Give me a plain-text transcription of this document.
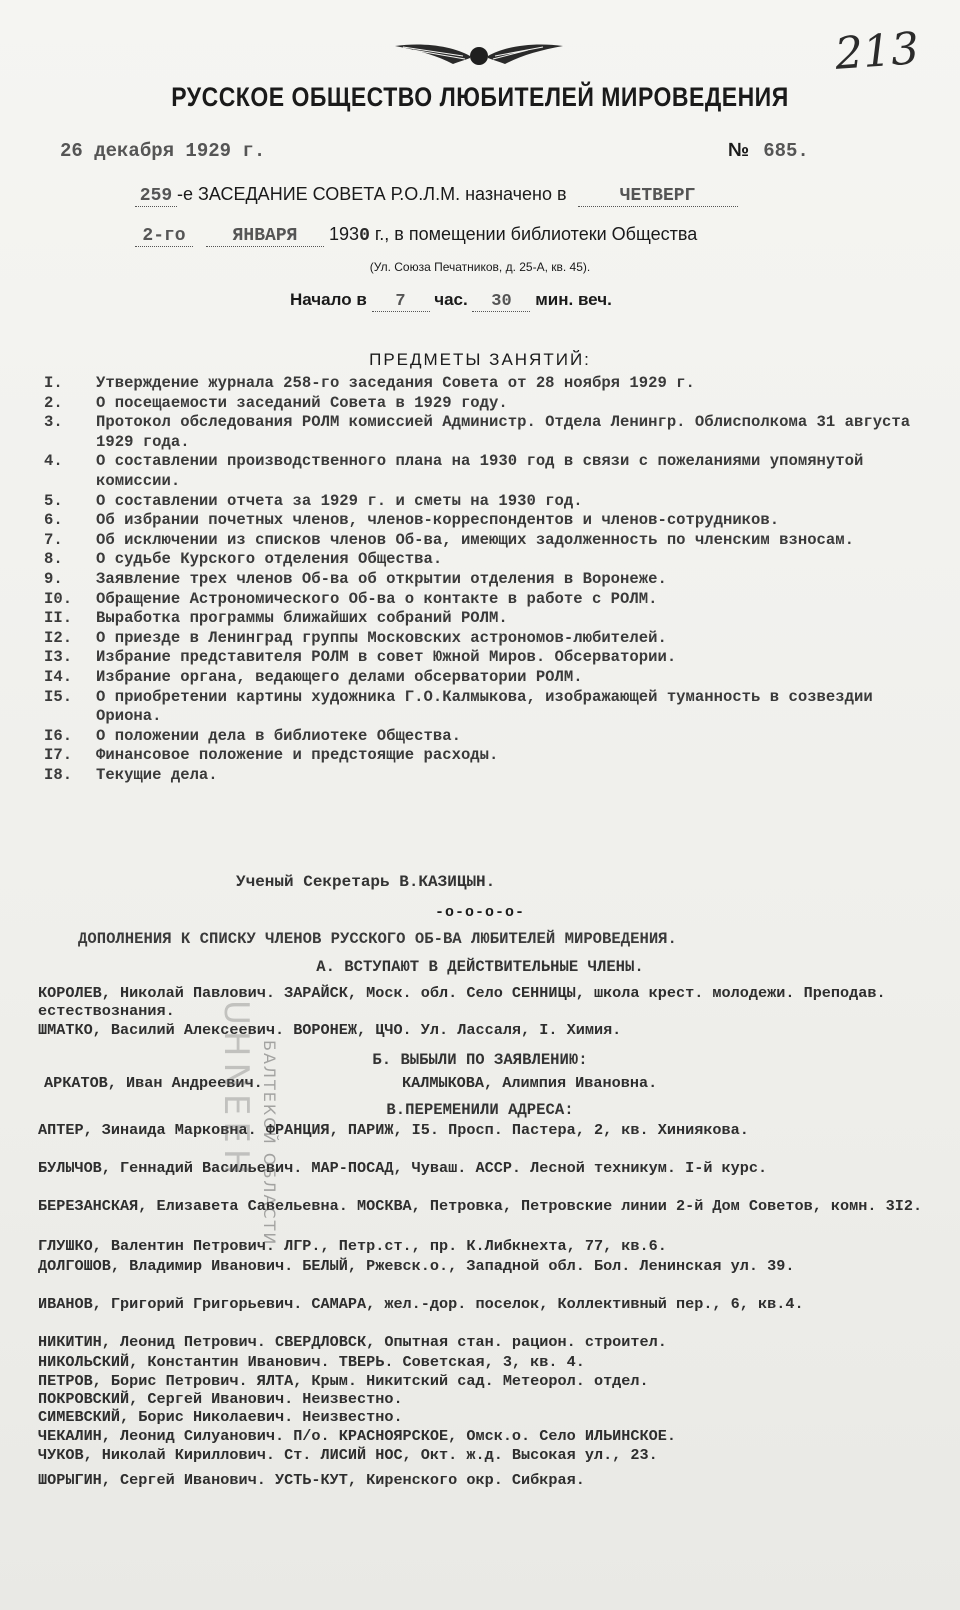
213
РУССКОЕ ОБЩЕСТВО ЛЮБИТЕЛЕЙ МИРОВЕДЕНИЯ
26 декабря 1929 г.	№ 685.
259 -е ЗАСЕДАНИЕ СОВЕТА Р.О.Л.М. назначено в	ЧЕТВЕРГ
2-го	ЯНВАРЯ 1930 г., в помещении библиотеки Общества
(Ул. Союза Печатников, д. 25-А, кв. 45).
Начало в 7 час. 30 мин. веч.
ПРЕДМЕТЫ ЗАНЯТИЙ:
I.	Утверждение журнала 258-го заседания Совета от 28 ноября 1929 г.
2.	О посещаемости заседаний Совета в 1929 году.
3.	Протокол обследования РОЛМ комиссией Администр. Отдела Ленингр. Облисполкома 31 августа 1929 года.
4.	О составлении производственного плана на 1930 год в связи с пожеланиями упомянутой комиссии.
5.	О составлении отчета за 1929 г. и сметы на 1930 год.
6.	Об избрании почетных членов, членов-корреспондентов и членов-сотрудников.
7.	Об исключении из списков членов Об-ва, имеющих задолженность по членским взносам.
8.	О судьбе Курского отделения Общества.
9.	Заявление трех членов Об-ва об открытии отделения в Воронеже.
I0.	Обращение Астрономического Об-ва о контакте в работе с РОЛМ.
II.	Выработка программы ближайших собраний РОЛМ.
I2.	О приезде в Ленинград группы Московских астрономов-любителей.
I3.	Избрание представителя РОЛМ в совет Южной Миров. Обсерватории.
I4.	Избрание органа, ведающего делами обсерватории РОЛМ.
I5.	О приобретении картины художника Г.О.Калмыкова, изображающей туманность в созвездии Ориона.
I6.	О положении дела в библиотеке Общества.
I7.	Финансовое положение и предстоящие расходы.
I8.	Текущие дела.
Ученый Секретарь В.КАЗИЦЫН.
-о-о-о-о-
ДОПОЛНЕНИЯ К СПИСКУ ЧЛЕНОВ РУССКОГО ОБ-ВА ЛЮБИТЕЛЕЙ МИРОВЕДЕНИЯ.
А. ВСТУПАЮТ В ДЕЙСТВИТЕЛЬНЫЕ ЧЛЕНЫ.
КОРОЛЕВ, Николай Павлович. ЗАРАЙСК, Моск. обл. Село СЕННИЦЫ, школа крест. молодежи. Преподав. естествознания.
ШМАТКО, Василий Алексеевич. ВОРОНЕЖ, ЦЧО. Ул. Лассаля, I. Химия.
Б. ВЫБЫЛИ ПО ЗАЯВЛЕНИЮ:
АРКАТОВ, Иван Андреевич.	КАЛМЫКОВА, Алимпия Ивановна.
В.ПЕРЕМЕНИЛИ АДРЕСА:
АПТЕР, Зинаида Марковна. ФРАНЦИЯ, ПАРИЖ, I5. Просп. Пастера, 2, кв. Хиниякова.
БУЛЫЧОВ, Геннадий Васильевич. МАР-ПОСАД, Чуваш. АССР. Лесной техникум. I-й курс.
БЕРЕЗАНСКАЯ, Елизавета Савельевна. МОСКВА, Петровка, Петровские линии 2-й Дом Советов, комн. 3I2.
ГЛУШКО, Валентин Петрович. ЛГР., Петр.ст., пр. К.Либкнехта, 77, кв.6.
ДОЛГОШОВ, Владимир Иванович. БЕЛЫЙ, Ржевск.о., Западной обл. Бол. Ленинская ул. 39.
ИВАНОВ, Григорий Григорьевич. САМАРА, жел.-дор. поселок, Коллективный пер., 6, кв.4.
НИКИТИН, Леонид Петрович. СВЕРДЛОВСК, Опытная стан. рацион. строител.
НИКОЛЬСКИЙ, Константин Иванович. ТВЕРЬ. Советская, 3, кв. 4.
ПЕТРОВ, Борис Петрович. ЯЛТА, Крым. Никитский сад. Метеорол. отдел.
ПОКРОВСКИЙ, Сергей Иванович. Неизвестно.
СИМЕВСКИЙ, Борис Николаевич. Неизвестно.
ЧЕКАЛИН, Леонид Силуанович. П/о. КРАСНОЯРСКОЕ, Омск.о. Село ИЛЬИНСКОЕ.
ЧУКОВ, Николай Кириллович. Ст. ЛИСИЙ НОС, Окт. ж.д. Высокая ул., 23.
ШОРЫГИН, Сергей Иванович. УСТЬ-КУТ, Киренского окр. Сибкрая.
UHNEEH БАЛТЕКОЙ ОБЛАСТИ
